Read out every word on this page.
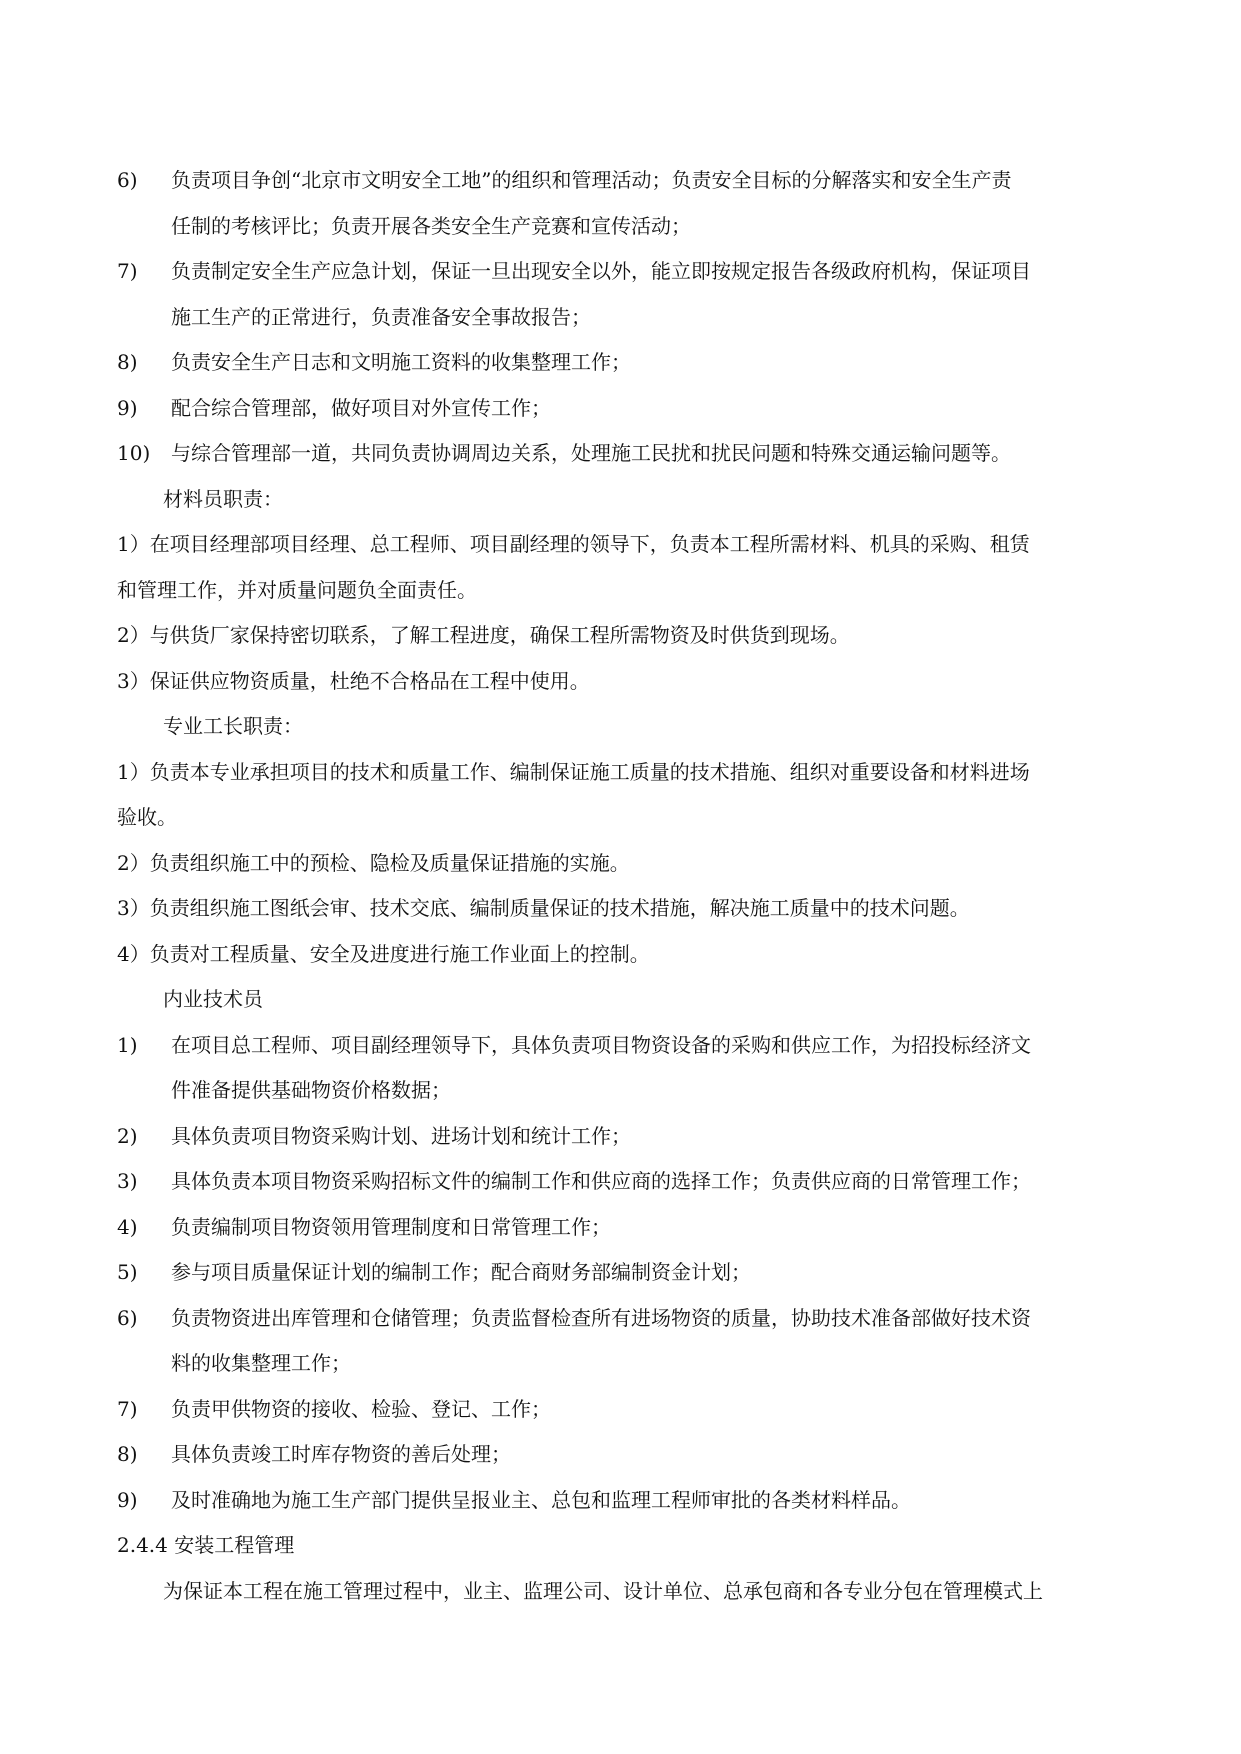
6) 负责项目争创“北京市文明安全工地”的组织和管理活动；负责安全目标的分解落实和安全生产责
任制的考核评比；负责开展各类安全生产竞赛和宣传活动；
7) 负责制定安全生产应急计划，保证一旦出现安全以外，能立即按规定报告各级政府机构，保证项目
施工生产的正常进行，负责准备安全事故报告；
8) 负责安全生产日志和文明施工资料的收集整理工作；
9) 配合综合管理部，做好项目对外宣传工作；
10) 与综合管理部一道，共同负责协调周边关系，处理施工民扰和扰民问题和特殊交通运输问题等。
材料员职责：
1）在项目经理部项目经理、总工程师、项目副经理的领导下，负责本工程所需材料、机具的采购、租赁
和管理工作，并对质量问题负全面责任。
2）与供货厂家保持密切联系，了解工程进度，确保工程所需物资及时供货到现场。
3）保证供应物资质量，杜绝不合格品在工程中使用。
专业工长职责：
1）负责本专业承担项目的技术和质量工作、编制保证施工质量的技术措施、组织对重要设备和材料进场
验收。
2）负责组织施工中的预检、隐检及质量保证措施的实施。
3）负责组织施工图纸会审、技术交底、编制质量保证的技术措施，解决施工质量中的技术问题。
4）负责对工程质量、安全及进度进行施工作业面上的控制。
内业技术员
1) 在项目总工程师、项目副经理领导下，具体负责项目物资设备的采购和供应工作，为招投标经济文
件准备提供基础物资价格数据；
2) 具体负责项目物资采购计划、进场计划和统计工作；
3) 具体负责本项目物资采购招标文件的编制工作和供应商的选择工作；负责供应商的日常管理工作；
4) 负责编制项目物资领用管理制度和日常管理工作；
5) 参与项目质量保证计划的编制工作；配合商财务部编制资金计划；
6) 负责物资进出库管理和仓储管理；负责监督检查所有进场物资的质量，协助技术准备部做好技术资
料的收集整理工作；
7) 负责甲供物资的接收、检验、登记、工作；
8) 具体负责竣工时库存物资的善后处理；
9) 及时准确地为施工生产部门提供呈报业主、总包和监理工程师审批的各类材料样品。
2.4.4 安装工程管理
为保证本工程在施工管理过程中，业主、监理公司、设计单位、总承包商和各专业分包在管理模式上
